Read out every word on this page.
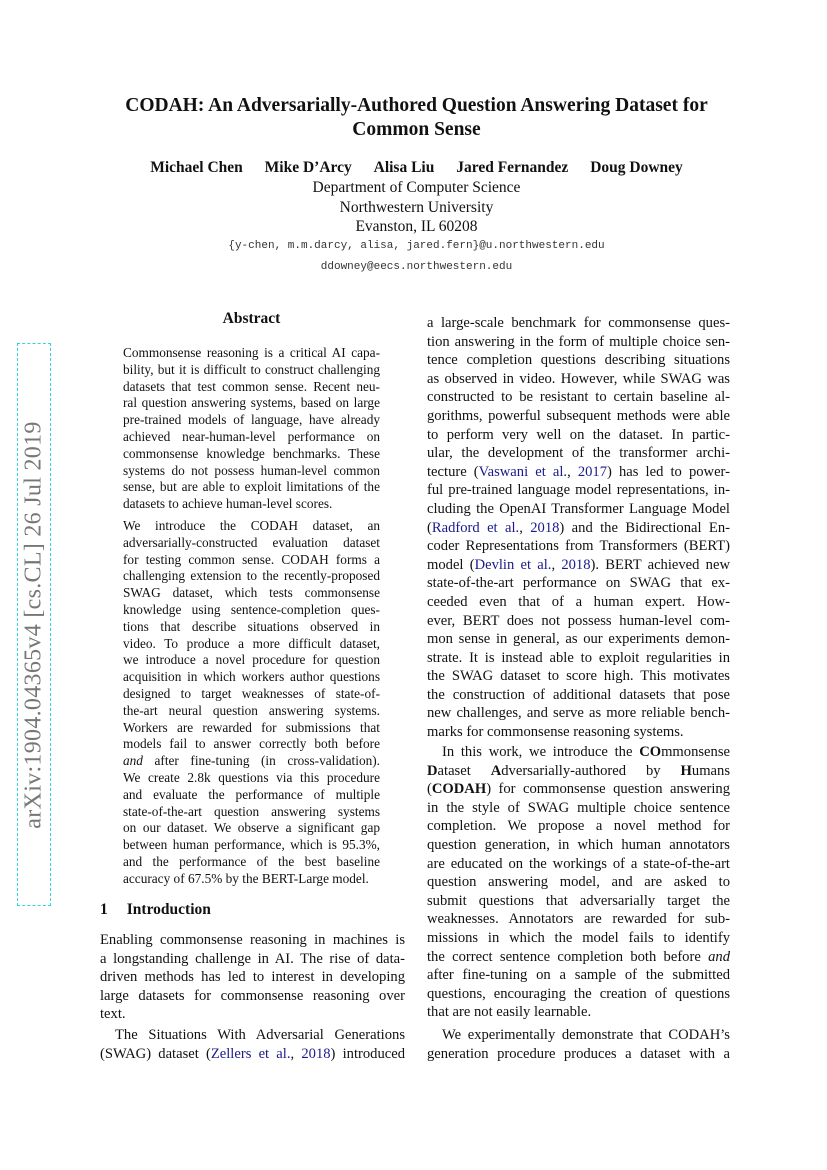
CODAH: An Adversarially-Authored Question Answering Dataset for
Common Sense
Michael Chen Mike D’Arcy Alisa Liu Jared Fernandez Doug Downey
Department of Computer Science
Northwestern University
Evanston, IL 60208
{y-chen, m.m.darcy, alisa, jared.fern}@u.northwestern.edu
ddowney@eecs.northwestern.edu
arXiv:1904.04365v4 [cs.CL] 26 Jul 2019
Abstract
Commonsense reasoning is a critical AI capa-
bility, but it is difficult to construct challenging
datasets that test common sense. Recent neu-
ral question answering systems, based on large
pre-trained models of language, have already
achieved near-human-level performance on
commonsense knowledge benchmarks. These
systems do not possess human-level common
sense, but are able to exploit limitations of the
datasets to achieve human-level scores.
We introduce the CODAH dataset, an
adversarially-constructed evaluation dataset
for testing common sense. CODAH forms a
challenging extension to the recently-proposed
SWAG dataset, which tests commonsense
knowledge using sentence-completion ques-
tions that describe situations observed in
video. To produce a more difficult dataset,
we introduce a novel procedure for question
acquisition in which workers author questions
designed to target weaknesses of state-of-
the-art neural question answering systems.
Workers are rewarded for submissions that
models fail to answer correctly both before
and after fine-tuning (in cross-validation).
We create 2.8k questions via this procedure
and evaluate the performance of multiple
state-of-the-art question answering systems
on our dataset. We observe a significant gap
between human performance, which is 95.3%,
and the performance of the best baseline
accuracy of 67.5% by the BERT-Large model.
1 Introduction
Enabling commonsense reasoning in machines is
a longstanding challenge in AI. The rise of data-
driven methods has led to interest in developing
large datasets for commonsense reasoning over
text.
The Situations With Adversarial Generations
(SWAG) dataset (Zellers et al., 2018) introduced
a large-scale benchmark for commonsense ques-
tion answering in the form of multiple choice sen-
tence completion questions describing situations
as observed in video. However, while SWAG was
constructed to be resistant to certain baseline al-
gorithms, powerful subsequent methods were able
to perform very well on the dataset. In partic-
ular, the development of the transformer archi-
tecture (Vaswani et al., 2017) has led to power-
ful pre-trained language model representations, in-
cluding the OpenAI Transformer Language Model
(Radford et al., 2018) and the Bidirectional En-
coder Representations from Transformers (BERT)
model (Devlin et al., 2018). BERT achieved new
state-of-the-art performance on SWAG that ex-
ceeded even that of a human expert. How-
ever, BERT does not possess human-level com-
mon sense in general, as our experiments demon-
strate. It is instead able to exploit regularities in
the SWAG dataset to score high. This motivates
the construction of additional datasets that pose
new challenges, and serve as more reliable bench-
marks for commonsense reasoning systems.
In this work, we introduce the COmmonsense
Dataset Adversarially-authored by Humans
(CODAH) for commonsense question answering
in the style of SWAG multiple choice sentence
completion. We propose a novel method for
question generation, in which human annotators
are educated on the workings of a state-of-the-art
question answering model, and are asked to
submit questions that adversarially target the
weaknesses. Annotators are rewarded for sub-
missions in which the model fails to identify
the correct sentence completion both before and
after fine-tuning on a sample of the submitted
questions, encouraging the creation of questions
that are not easily learnable.
We experimentally demonstrate that CODAH’s
generation procedure produces a dataset with a
